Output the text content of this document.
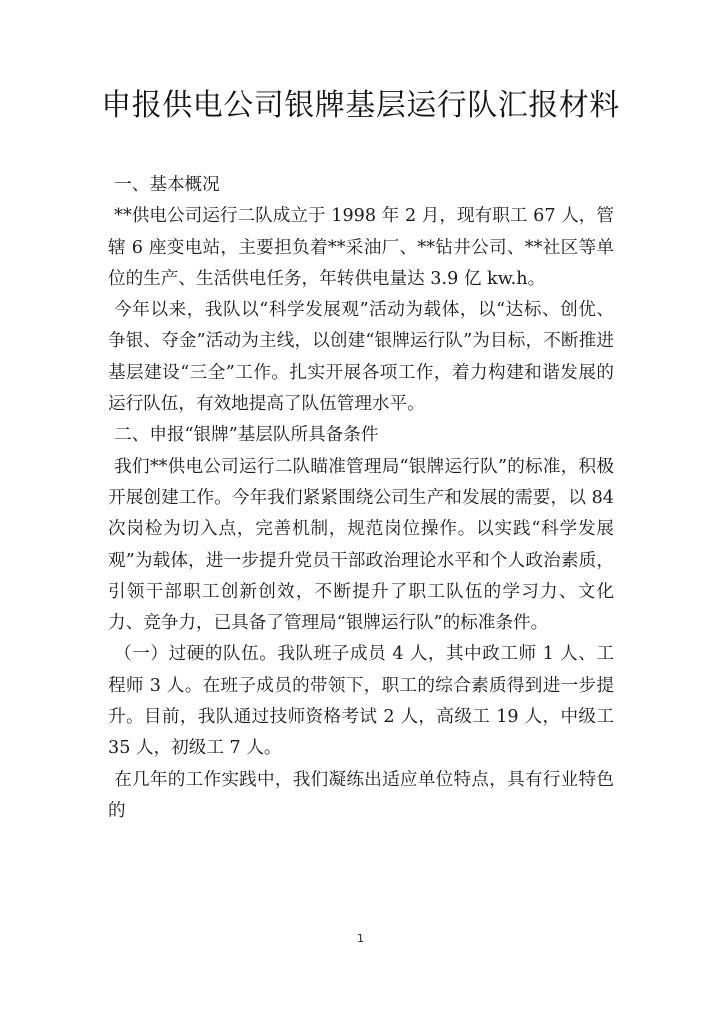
申报供电公司银牌基层运行队汇报材料

一、基本概况

**供电公司运行二队成立于 1998 年 2 月，现有职工 67 人，管辖 6 座变电站，主要担负着**采油厂、**钻井公司、**社区等单位的生产、生活供电任务，年转供电量达 3.9 亿 kw.h。

今年以来，我队以“科学发展观”活动为载体，以“达标、创优、争银、夺金”活动为主线，以创建“银牌运行队”为目标，不断推进基层建设“三全”工作。扎实开展各项工作，着力构建和谐发展的运行队伍，有效地提高了队伍管理水平。

二、申报“银牌”基层队所具备条件

我们**供电公司运行二队瞄准管理局“银牌运行队”的标准，积极开展创建工作。今年我们紧紧围绕公司生产和发展的需要，以 84 次岗检为切入点，完善机制，规范岗位操作。以实践“科学发展观”为载体，进一步提升党员干部政治理论水平和个人政治素质，引领干部职工创新创效，不断提升了职工队伍的学习力、文化力、竞争力，已具备了管理局“银牌运行队”的标准条件。

（一）过硬的队伍。我队班子成员 4 人，其中政工师 1 人、工程师 3 人。在班子成员的带领下，职工的综合素质得到进一步提升。目前，我队通过技师资格考试 2 人，高级工 19 人，中级工 35 人，初级工 7 人。

在几年的工作实践中，我们凝练出适应单位特点，具有行业特色的

1
